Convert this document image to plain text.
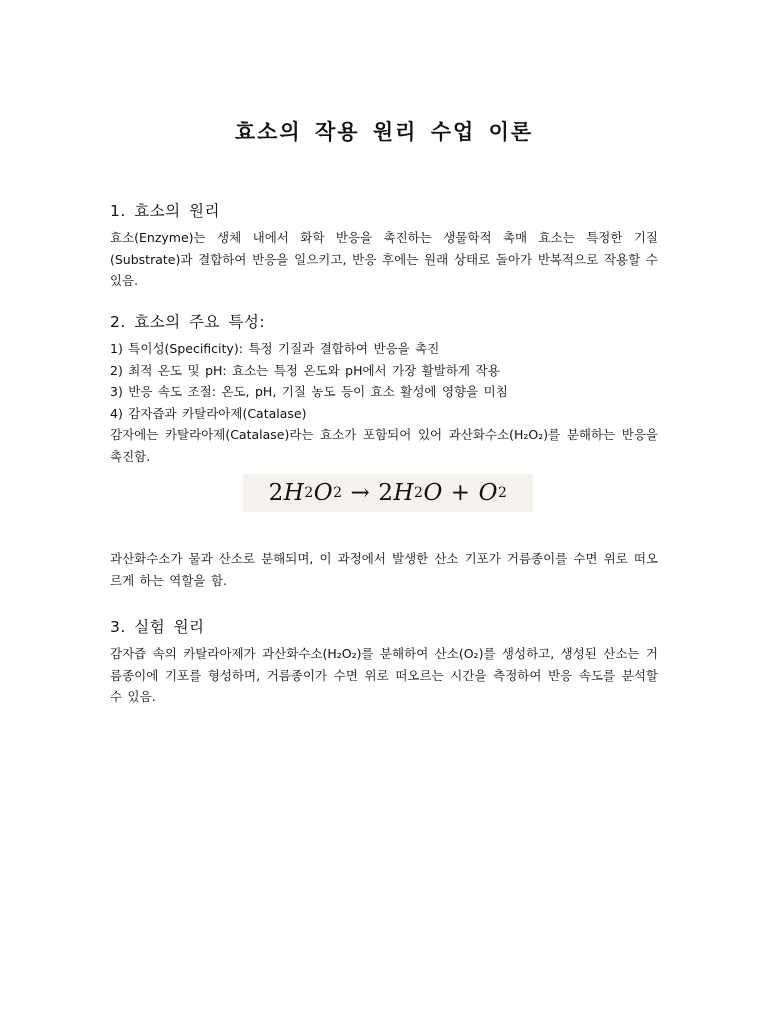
효소의 작용 원리 수업 이론
1. 효소의 원리

효소(Enzyme)는 생체 내에서 화학 반응을 촉진하는 생물학적 촉매 효소는 특정한 기질(Substrate)과 결합하여 반응을 일으키고, 반응 후에는 원래 상태로 돌아가 반복적으로 작용할 수 있음.

2. 효소의 주요 특성:

1) 특이성(Specificity): 특정 기질과 결합하여 반응을 촉진

2) 최적 온도 및 pH: 효소는 특정 온도와 pH에서 가장 활발하게 작용

3) 반응 속도 조절: 온도, pH, 기질 농도 등이 효소 활성에 영향을 미침

4) 감자즙과 카탈라아제(Catalase)

감자에는 카탈라아제(Catalase)라는 효소가 포함되어 있어 과산화수소(H₂O₂)를 분해하는 반응을 촉진함.

2 H 2 O 2 → 2 H 2 O + O 2

과산화수소가 물과 산소로 분해되며, 이 과정에서 발생한 산소 기포가 거름종이를 수면 위로 떠오르게 하는 역할을 함.

3. 실험 원리

감자즙 속의 카탈라아제가 과산화수소(H₂O₂)를 분해하여 산소(O₂)를 생성하고, 생성된 산소는 거름종이에 기포를 형성하며, 거름종이가 수면 위로 떠오르는 시간을 측정하여 반응 속도를 분석할 수 있음.
